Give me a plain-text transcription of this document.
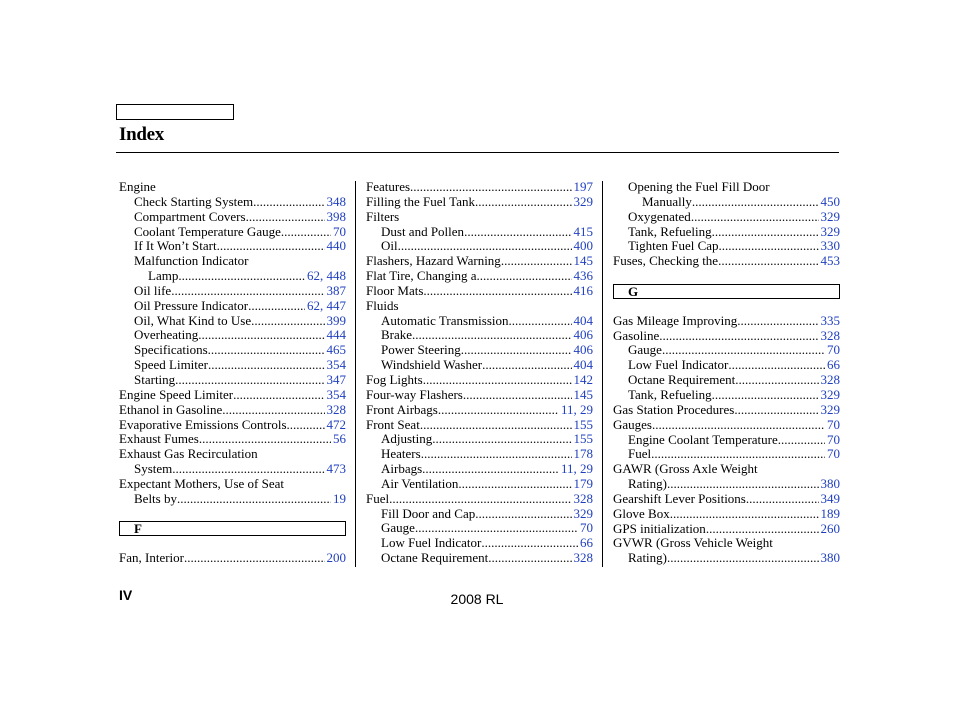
Index
Engine
Check Starting System .....	348
Compartment Covers .....	398
Coolant Temperature Gauge .....	70
If It Won’t Start .....	440
Malfunction Indicator
Lamp .....	62, 448
Oil life .....	387
Oil Pressure Indicator .....	62, 447
Oil, What Kind to Use .....	399
Overheating .....	444
Specifications .....	465
Speed Limiter .....	354
Starting .....	347
Engine Speed Limiter .....	354
Ethanol in Gasoline .....	328
Evaporative Emissions Controls .....	472
Exhaust Fumes .....	56
Exhaust Gas Recirculation
System .....	473
Expectant Mothers, Use of Seat
Belts by .....	19
F
Fan, Interior .....	200
Features .....	197
Filling the Fuel Tank .....	329
Filters
Dust and Pollen .....	415
Oil .....	400
Flashers, Hazard Warning .....	145
Flat Tire, Changing a .....	436
Floor Mats .....	416
Fluids
Automatic Transmission .....	404
Brake .....	406
Power Steering .....	406
Windshield Washer .....	404
Fog Lights .....	142
Four-way Flashers .....	145
Front Airbags .....	11, 29
Front Seat .....	155
Adjusting .....	155
Heaters .....	178
Airbags .....	11, 29
Air Ventilation .....	179
Fuel .....	328
Fill Door and Cap .....	329
Gauge .....	70
Low Fuel Indicator .....	66
Octane Requirement .....	328
Opening the Fuel Fill Door
Manually .....	450
Oxygenated .....	329
Tank, Refueling .....	329
Tighten Fuel Cap .....	330
Fuses, Checking the .....	453
G
Gas Mileage Improving .....	335
Gasoline .....	328
Gauge .....	70
Low Fuel Indicator .....	66
Octane Requirement .....	328
Tank, Refueling .....	329
Gas Station Procedures .....	329
Gauges .....	70
Engine Coolant Temperature .....	70
Fuel .....	70
GAWR (Gross Axle Weight
Rating) .....	380
Gearshift Lever Positions .....	349
Glove Box .....	189
GPS initialization .....	260
GVWR (Gross Vehicle Weight
Rating) .....	380
IV	2008 RL
